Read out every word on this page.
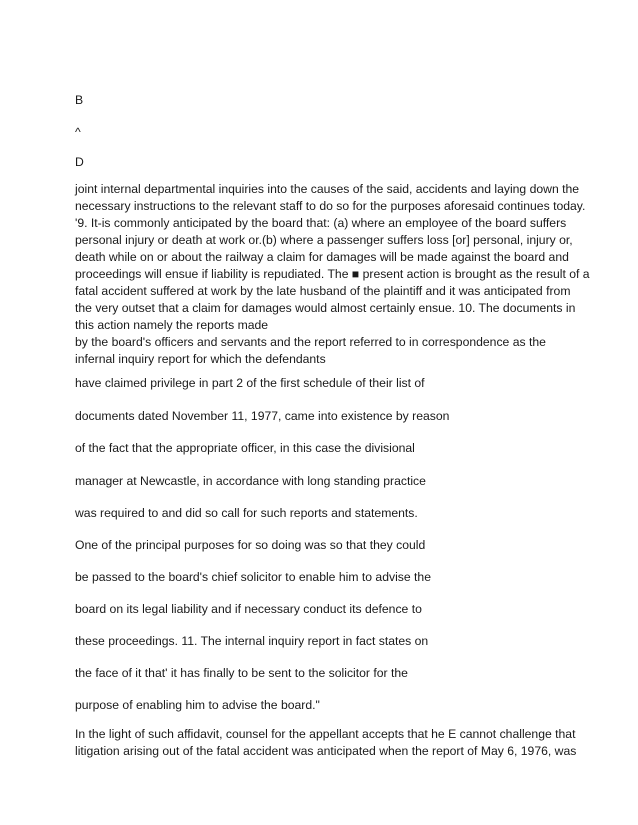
B
^
D
joint internal departmental inquiries into the causes of the said, accidents and laying down the
necessary instructions to the relevant staff to do so for the purposes aforesaid continues today.
'9. It-is commonly anticipated by the board that: (a) where an employee of the board suffers
personal injury or death at work or.(b) where a passenger suffers loss [or] personal, injury or,
death while on or about the railway a claim for damages will be made against the board and
proceedings will ensue if liability is repudiated. The ■ present action is brought as the result of a
fatal accident suffered at work by the late husband of the plaintiff and it was anticipated from
the very outset that a claim for damages would almost certainly ensue. 10. The documents in
this action namely the reports made
by the board's officers and servants and the report referred to in correspondence as the
infernal inquiry report for which the defendants
have claimed privilege in part 2 of the first schedule of their list of
documents dated November 11, 1977, came into existence by reason
of the fact that the appropriate officer, in this case the divisional
manager at Newcastle, in accordance with long standing practice
was required to and did so call for such reports and statements.
One of the principal purposes for so doing was so that they could
be passed to the board's chief solicitor to enable him to advise the
board on its legal liability and if necessary conduct its defence to
these proceedings. 11. The internal inquiry report in fact states on
the face of it that' it has finally to be sent to the solicitor for the
purpose of enabling him to advise the board."
In the light of such affidavit, counsel for the appellant accepts that he E cannot challenge that
litigation arising out of the fatal accident was anticipated when the report of May 6, 1976, was
